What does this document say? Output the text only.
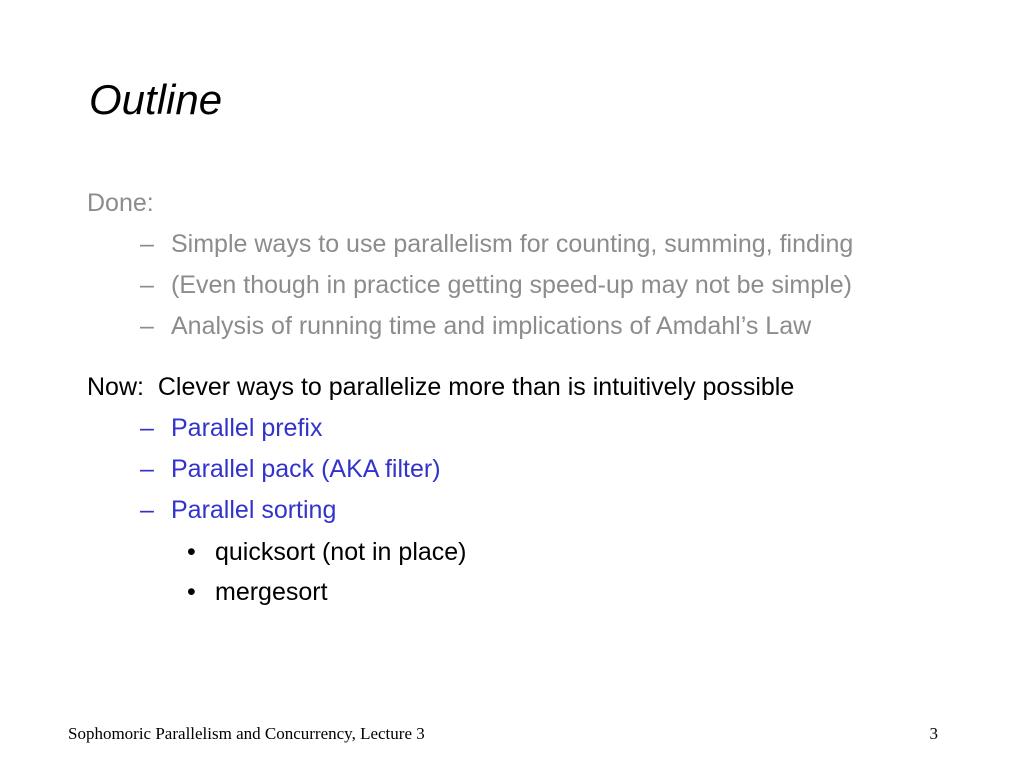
Outline
Done:
– Simple ways to use parallelism for counting, summing, finding
– (Even though in practice getting speed-up may not be simple)
– Analysis of running time and implications of Amdahl’s Law
Now:  Clever ways to parallelize more than is intuitively possible
– Parallel prefix
– Parallel pack (AKA filter)
– Parallel sorting
• quicksort (not in place)
• mergesort
Sophomoric Parallelism and Concurrency, Lecture 3	3
